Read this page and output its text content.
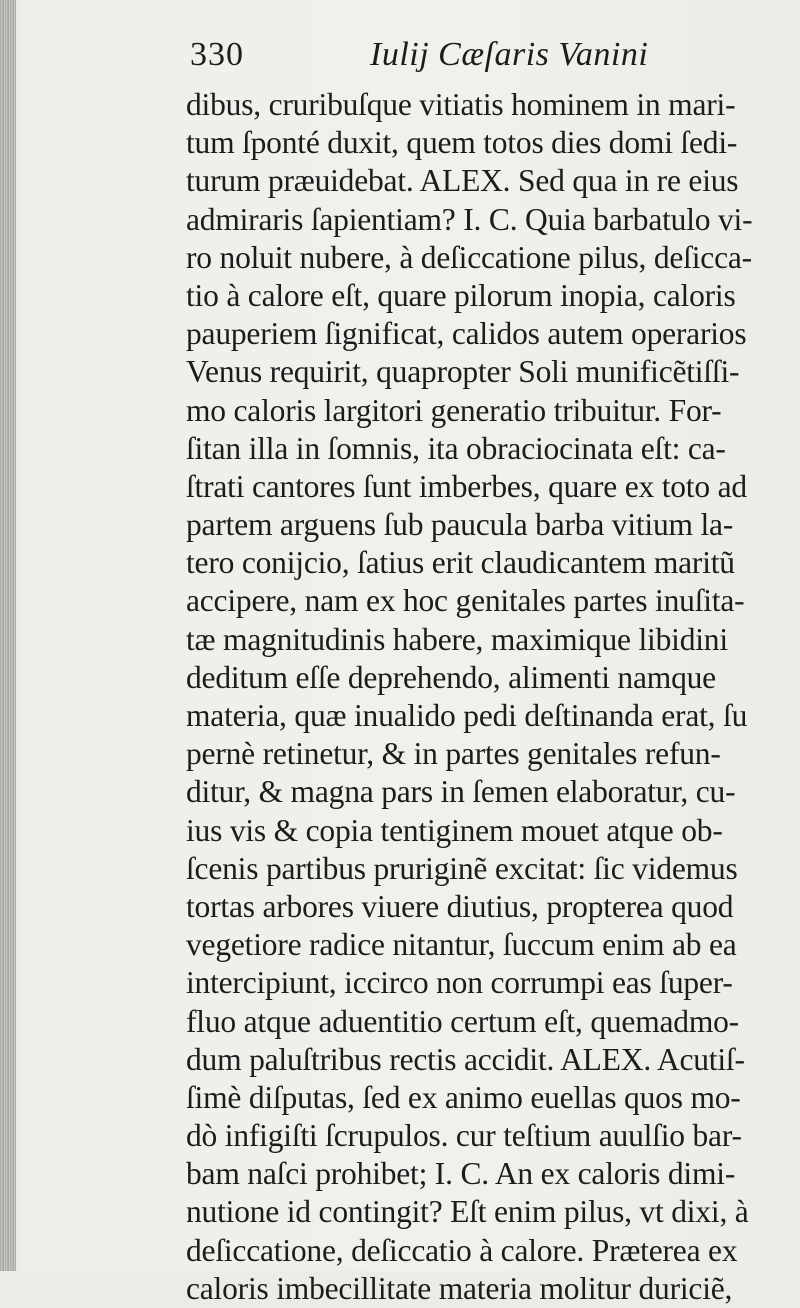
330	Iulij Cæſaris Vanini
dibus, cruribuſque vitiatis hominem in mari-
tum ſponté duxit, quem totos dies domi ſedi-
turum præuidebat. ALEX. Sed qua in re eius
admiraris ſapientiam? I. C. Quia barbatulo vi-
ro noluit nubere, à deſiccatione pilus, deſicca-
tio à calore eſt, quare pilorum inopia, caloris
pauperiem ſignificat, calidos autem operarios
Venus requirit, quapropter Soli munificẽtiſſi-
mo caloris largitori generatio tribuitur. For-
ſitan illa in ſomnis, ita obraciocinata eſt: ca-
ſtrati cantores ſunt imberbes, quare ex toto ad
partem arguens ſub paucula barba vitium la-
tero conijcio, ſatius erit claudicantem maritũ
accipere, nam ex hoc genitales partes inuſita-
tæ magnitudinis habere, maximique libidini
deditum eſſe deprehendo, alimenti namque
materia, quæ inualido pedi deſtinanda erat, ſu
pernè retinetur, & in partes genitales refun-
ditur, & magna pars in ſemen elaboratur, cu-
ius vis & copia tentiginem mouet atque ob-
ſcenis partibus pruriginẽ excitat: ſic videmus
tortas arbores viuere diutius, propterea quod
vegetiore radice nitantur, ſuccum enim ab ea
intercipiunt, iccirco non corrumpi eas ſuper-
fluo atque aduentitio certum eſt, quemadmo-
dum paluſtribus rectis accidit. ALEX. Acutiſ-
ſimè diſputas, ſed ex animo euellas quos mo-
dò infigiſti ſcrupulos. cur teſtium auulſio bar-
bam naſci prohibet; I. C. An ex caloris dimi-
nutione id contingit? Eſt enim pilus, vt dixi, à
deſiccatione, deſiccatio à calore. Præterea ex
caloris imbecillitate materia molitur duriciẽ,
